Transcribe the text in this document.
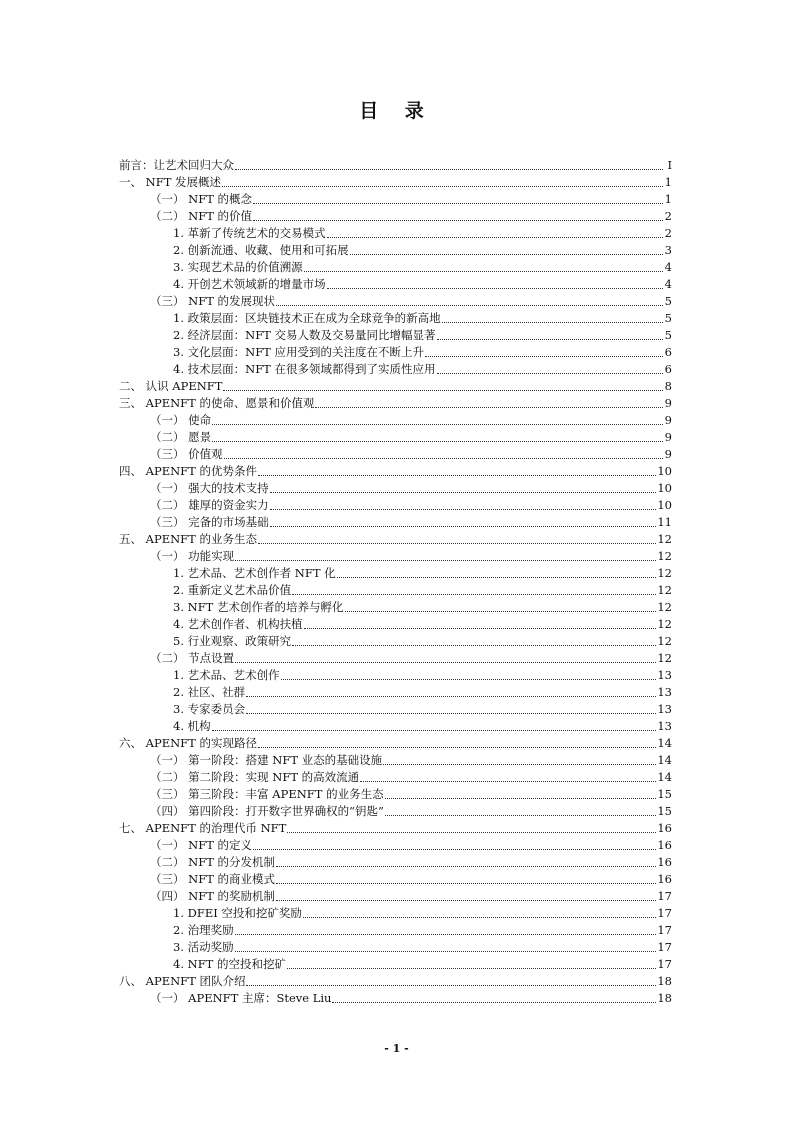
目 录
前言：让艺术回归大众	I
一、 NFT 发展概述	1
（一） NFT 的概念	1
（二） NFT 的价值	2
1. 革新了传统艺术的交易模式	2
2. 创新流通、收藏、使用和可拓展	3
3. 实现艺术品的价值溯源	4
4. 开创艺术领域新的增量市场	4
（三） NFT 的发展现状	5
1. 政策层面：区块链技术正在成为全球竞争的新高地	5
2. 经济层面：NFT 交易人数及交易量同比增幅显著	5
3. 文化层面：NFT 应用受到的关注度在不断上升	6
4. 技术层面：NFT 在很多领域都得到了实质性应用	6
二、 认识 APENFT	8
三、 APENFT 的使命、愿景和价值观	9
（一） 使命	9
（二） 愿景	9
（三） 价值观	9
四、 APENFT 的优势条件	10
（一） 强大的技术支持	10
（二） 雄厚的资金实力	10
（三） 完备的市场基础	11
五、 APENFT 的业务生态	12
（一） 功能实现	12
1. 艺术品、艺术创作者 NFT 化	12
2. 重新定义艺术品价值	12
3. NFT 艺术创作者的培养与孵化	12
4. 艺术创作者、机构扶植	12
5. 行业观察、政策研究	12
（二） 节点设置	12
1. 艺术品、艺术创作	13
2. 社区、社群	13
3. 专家委员会	13
4. 机构	13
六、 APENFT 的实现路径	14
（一） 第一阶段：搭建 NFT 业态的基础设施	14
（二） 第二阶段：实现 NFT 的高效流通	14
（三） 第三阶段：丰富 APENFT 的业务生态	15
（四） 第四阶段：打开数字世界确权的“钥匙”	15
七、 APENFT 的治理代币 NFT	16
（一） NFT 的定义	16
（二） NFT 的分发机制	16
（三） NFT 的商业模式	16
（四） NFT 的奖励机制	17
1. DFEI 空投和挖矿奖励	17
2. 治理奖励	17
3. 活动奖励	17
4. NFT 的空投和挖矿	17
八、 APENFT 团队介绍	18
（一） APENFT 主席：Steve Liu	18
- 1 -
